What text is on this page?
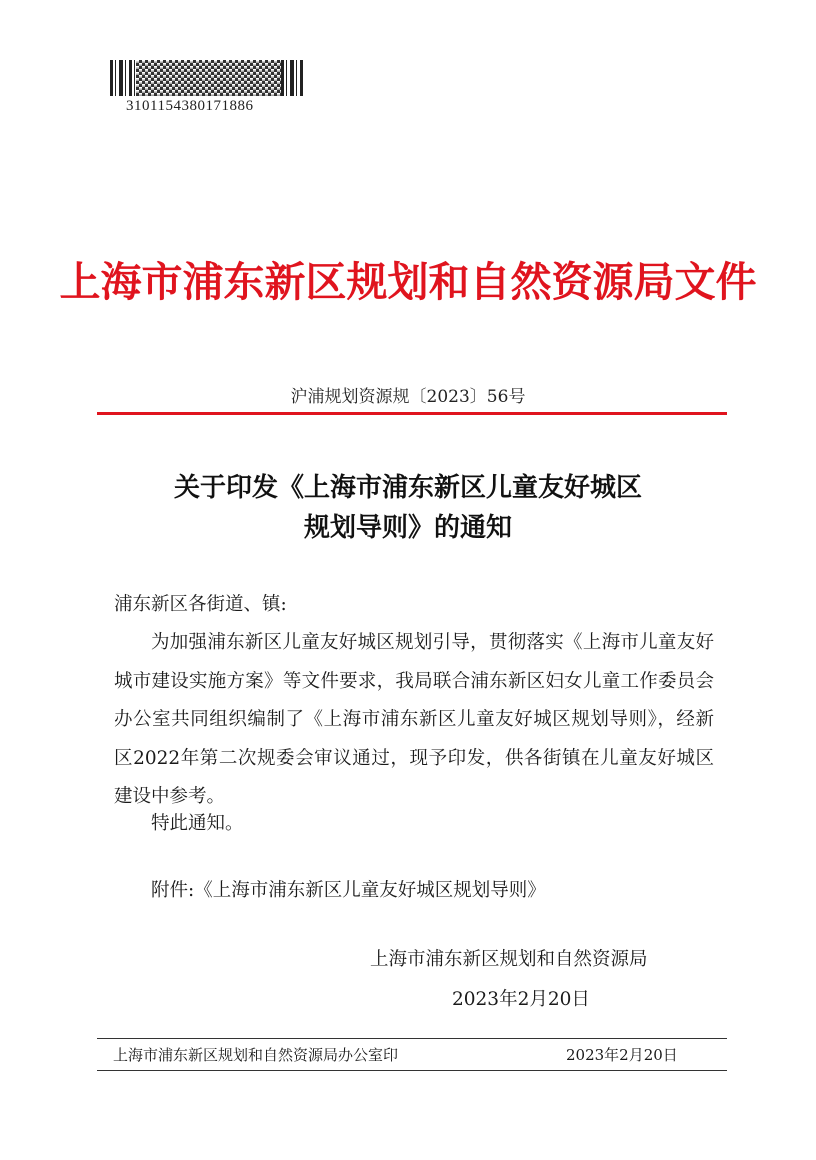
3101154380171886
上海市浦东新区规划和自然资源局文件
沪浦规划资源规〔2023〕56号
关于印发《上海市浦东新区儿童友好城区
规划导则》的通知
浦东新区各街道、镇:
为加强浦东新区儿童友好城区规划引导，贯彻落实《上海市儿童友好城市建设实施方案》等文件要求，我局联合浦东新区妇女儿童工作委员会办公室共同组织编制了《上海市浦东新区儿童友好城区规划导则》，经新区2022年第二次规委会审议通过，现予印发，供各街镇在儿童友好城区建设中参考。
特此通知。
附件:《上海市浦东新区儿童友好城区规划导则》
上海市浦东新区规划和自然资源局
2023年2月20日
上海市浦东新区规划和自然资源局办公室印	2023年2月20日
